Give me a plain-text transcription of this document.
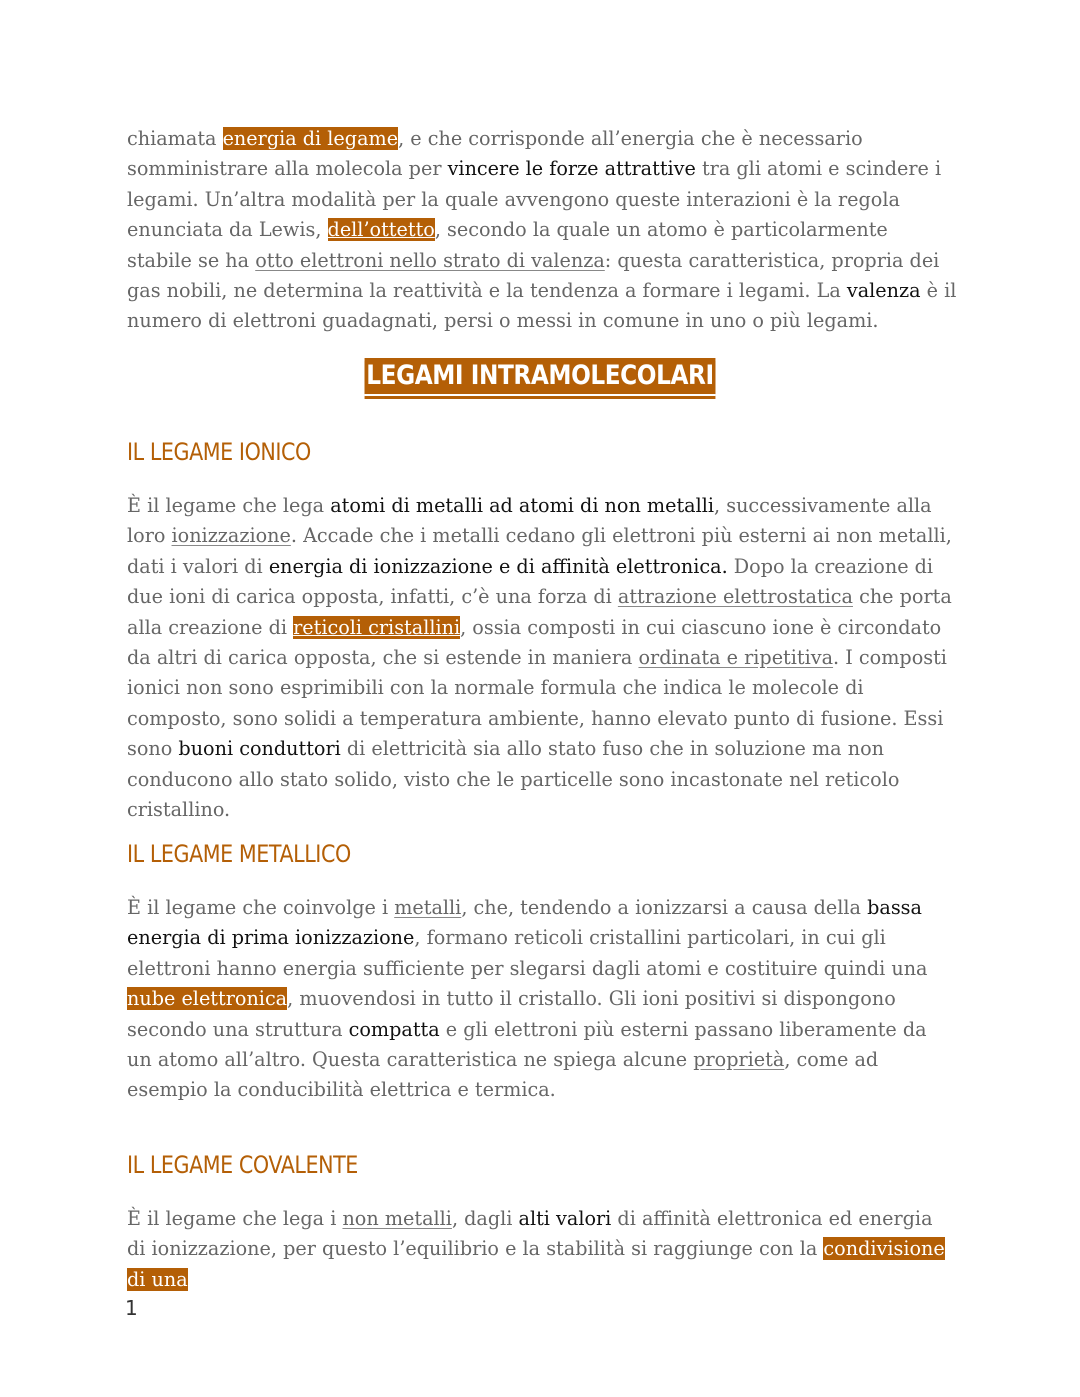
chiamata energia di legame, e che corrisponde all’energia che è necessario somministrare alla molecola per vincere le forze attrattive tra gli atomi e scindere i legami. Un’altra modalità per la quale avvengono queste interazioni è la regola enunciata da Lewis, dell’ottetto, secondo la quale un atomo è particolarmente stabile se ha otto elettroni nello strato di valenza: questa caratteristica, propria dei gas nobili, ne determina la reattività e la tendenza a formare i legami. La valenza è il numero di elettroni guadagnati, persi o messi in comune in uno o più legami.

LEGAMI INTRAMOLECOLARI
IL LEGAME IONICO

È il legame che lega atomi di metalli ad atomi di non metalli, successivamente alla loro ionizzazione. Accade che i metalli cedano gli elettroni più esterni ai non metalli, dati i valori di energia di ionizzazione e di affinità elettronica. Dopo la creazione di due ioni di carica opposta, infatti, c’è una forza di attrazione elettrostatica che porta alla creazione di reticoli cristallini, ossia composti in cui ciascuno ione è circondato da altri di carica opposta, che si estende in maniera ordinata e ripetitiva. I composti ionici non sono esprimibili con la normale formula che indica le molecole di composto, sono solidi a temperatura ambiente, hanno elevato punto di fusione. Essi sono buoni conduttori di elettricità sia allo stato fuso che in soluzione ma non conducono allo stato solido, visto che le particelle sono incastonate nel reticolo cristallino.

IL LEGAME METALLICO

È il legame che coinvolge i metalli, che, tendendo a ionizzarsi a causa della bassa energia di prima ionizzazione, formano reticoli cristallini particolari, in cui gli elettroni hanno energia sufficiente per slegarsi dagli atomi e costituire quindi una nube elettronica, muovendosi in tutto il cristallo. Gli ioni positivi si dispongono secondo una struttura compatta e gli elettroni più esterni passano liberamente da un atomo all’altro. Questa caratteristica ne spiega alcune proprietà, come ad esempio la conducibilità elettrica e termica.

IL LEGAME COVALENTE

È il legame che lega i non metalli, dagli alti valori di affinità elettronica ed energia di ionizzazione, per questo l’equilibrio e la stabilità si raggiunge con la condivisione di una

1
